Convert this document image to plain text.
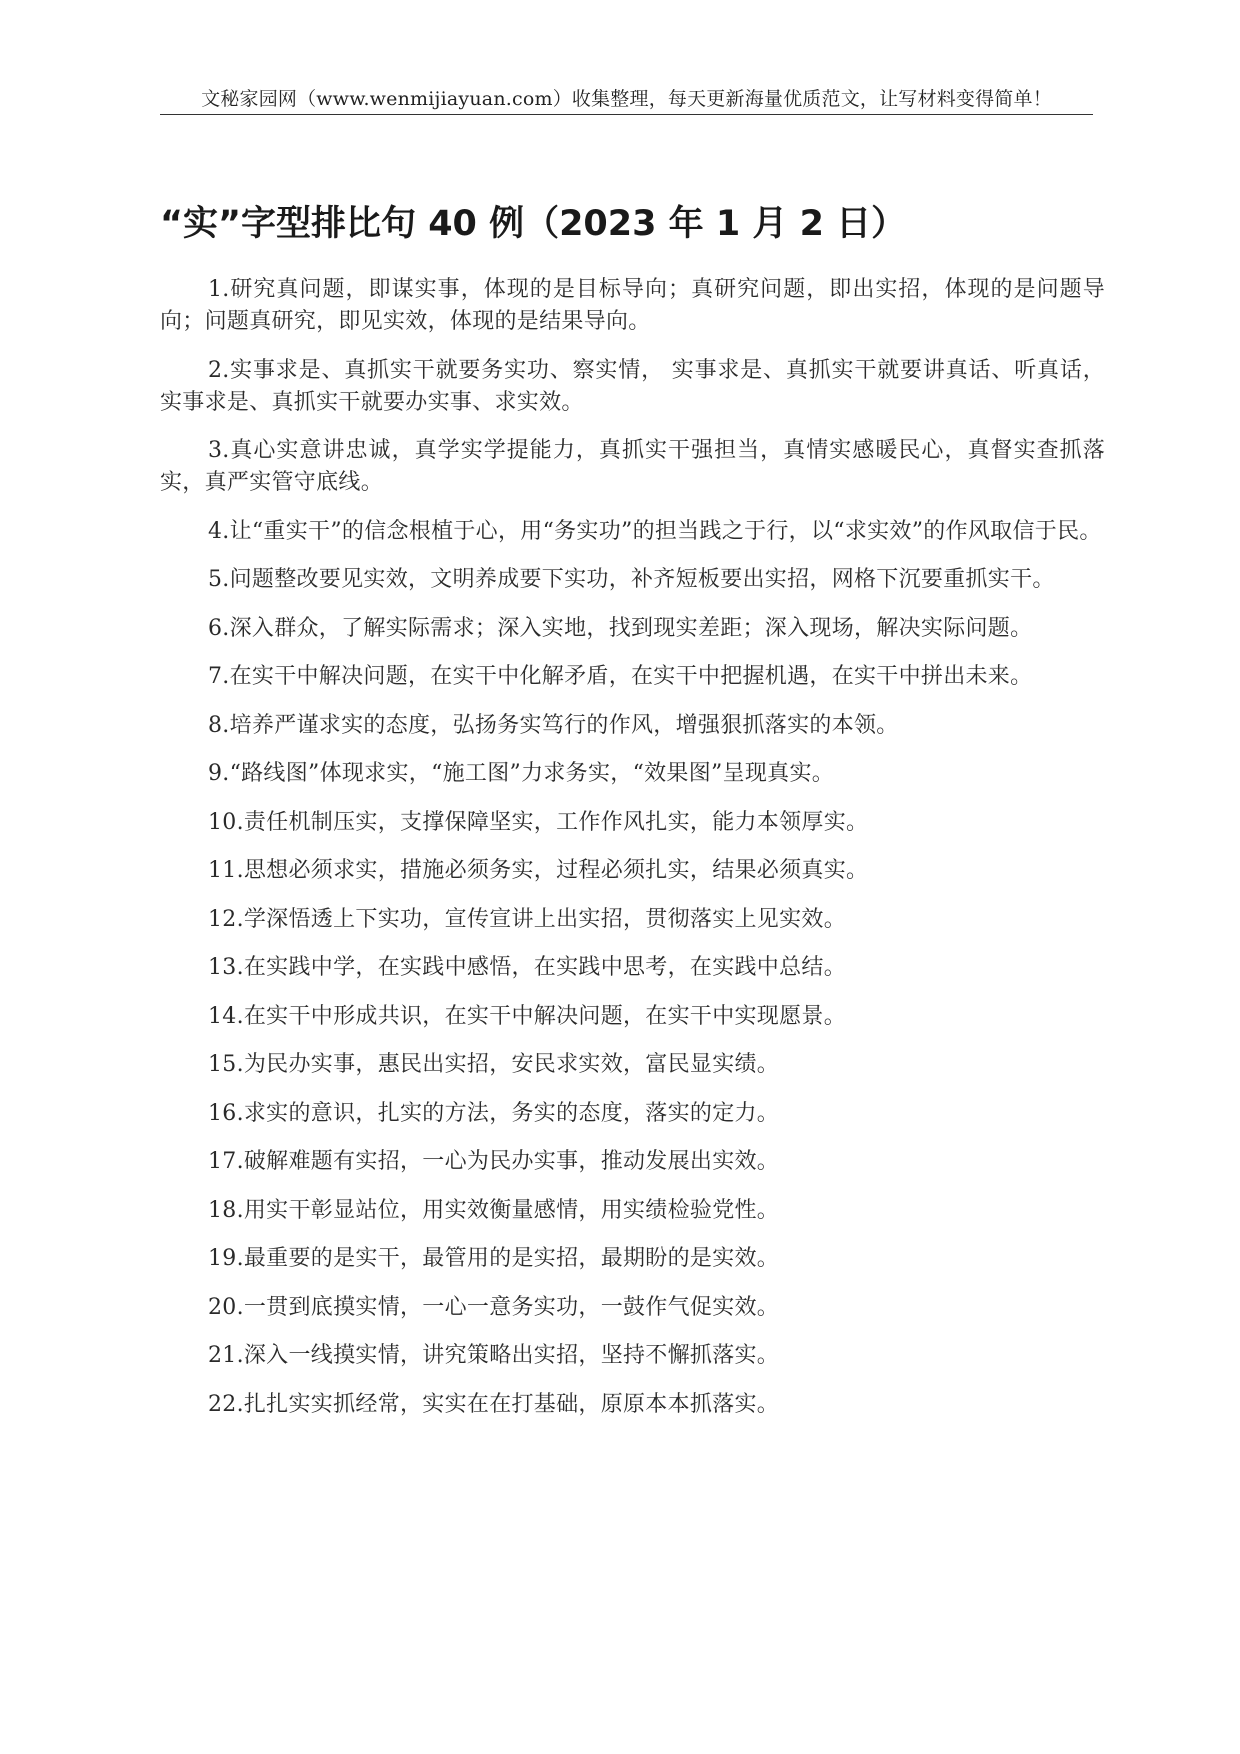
文秘家园网（www.wenmijiayuan.com）收集整理，每天更新海量优质范文，让写材料变得简单！
“实”字型排比句 40 例（2023 年 1 月 2 日）

1.研究真问题，即谋实事，体现的是目标导向；真研究问题，即出实招，体现的是问题导向；问题真研究，即见实效，体现的是结果导向。

2.实事求是、真抓实干就要务实功、察实情， 实事求是、真抓实干就要讲真话、听真话，实事求是、真抓实干就要办实事、求实效。

3.真心实意讲忠诚，真学实学提能力，真抓实干强担当，真情实感暖民心，真督实查抓落实，真严实管守底线。

4.让“重实干”的信念根植于心，用“务实功”的担当践之于行，以“求实效”的作风取信于民。

5.问题整改要见实效，文明养成要下实功，补齐短板要出实招，网格下沉要重抓实干。

6.深入群众，了解实际需求；深入实地，找到现实差距；深入现场，解决实际问题。

7.在实干中解决问题，在实干中化解矛盾，在实干中把握机遇，在实干中拼出未来。

8.培养严谨求实的态度，弘扬务实笃行的作风，增强狠抓落实的本领。

9.“路线图”体现求实，“施工图”力求务实，“效果图”呈现真实。

10.责任机制压实，支撑保障坚实，工作作风扎实，能力本领厚实。

11.思想必须求实，措施必须务实，过程必须扎实，结果必须真实。

12.学深悟透上下实功，宣传宣讲上出实招，贯彻落实上见实效。

13.在实践中学，在实践中感悟，在实践中思考，在实践中总结。

14.在实干中形成共识，在实干中解决问题，在实干中实现愿景。

15.为民办实事，惠民出实招，安民求实效，富民显实绩。

16.求实的意识，扎实的方法，务实的态度，落实的定力。

17.破解难题有实招，一心为民办实事，推动发展出实效。

18.用实干彰显站位，用实效衡量感情，用实绩检验党性。

19.最重要的是实干，最管用的是实招，最期盼的是实效。

20.一贯到底摸实情，一心一意务实功，一鼓作气促实效。

21.深入一线摸实情，讲究策略出实招，坚持不懈抓落实。

22.扎扎实实抓经常，实实在在打基础，原原本本抓落实。
